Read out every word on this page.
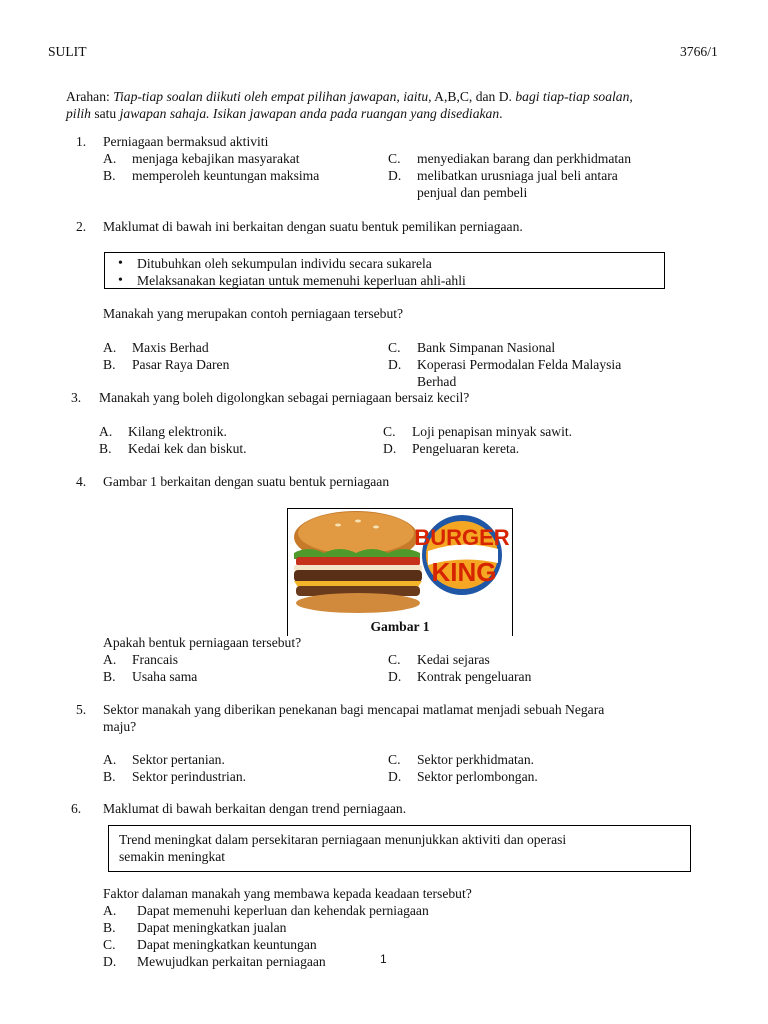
SULIT	3766/1
Arahan: Tiap-tiap soalan diikuti oleh empat pilihan jawapan, iaitu, A,B,C, dan D. bagi tiap-tiap soalan,
pilih satu jawapan sahaja. Isikan jawapan anda pada ruangan yang disediakan.
1. Perniagaan bermaksud aktiviti
A. menjaga kebajikan masyarakat
B. memperoleh keuntungan maksima
C. menyediakan barang dan perkhidmatan
D. melibatkan urusniaga jual beli antara
penjual dan pembeli
2. Maklumat di bawah ini berkaitan dengan suatu bentuk pemilikan perniagaan.
• Ditubuhkan oleh sekumpulan individu secara sukarela
• Melaksanakan kegiatan untuk memenuhi keperluan ahli-ahli
Manakah yang merupakan contoh perniagaan tersebut?
A. Maxis Berhad
B. Pasar Raya Daren
C. Bank Simpanan Nasional
D. Koperasi Permodalan Felda Malaysia
Berhad
3. Manakah yang boleh digolongkan sebagai perniagaan bersaiz kecil?
A. Kilang elektronik.
B. Kedai kek dan biskut.
C. Loji penapisan minyak sawit.
D. Pengeluaran kereta.
4. Gambar 1 berkaitan dengan suatu bentuk perniagaan
BURGER
KING
Gambar 1
Apakah bentuk perniagaan tersebut?
A. Francais
B. Usaha sama
C. Kedai sejaras
D. Kontrak pengeluaran
5. Sektor manakah yang diberikan penekanan bagi mencapai matlamat menjadi sebuah Negara
maju?
A. Sektor pertanian.
B. Sektor perindustrian.
C. Sektor perkhidmatan.
D. Sektor perlombongan.
6. Maklumat di bawah berkaitan dengan trend perniagaan.
Trend meningkat dalam persekitaran perniagaan menunjukkan aktiviti dan operasi
semakin meningkat
Faktor dalaman manakah yang membawa kepada keadaan tersebut?
A. Dapat memenuhi keperluan dan kehendak perniagaan
B. Dapat meningkatkan jualan
C. Dapat meningkatkan keuntungan
D. Mewujudkan perkaitan perniagaan	1
